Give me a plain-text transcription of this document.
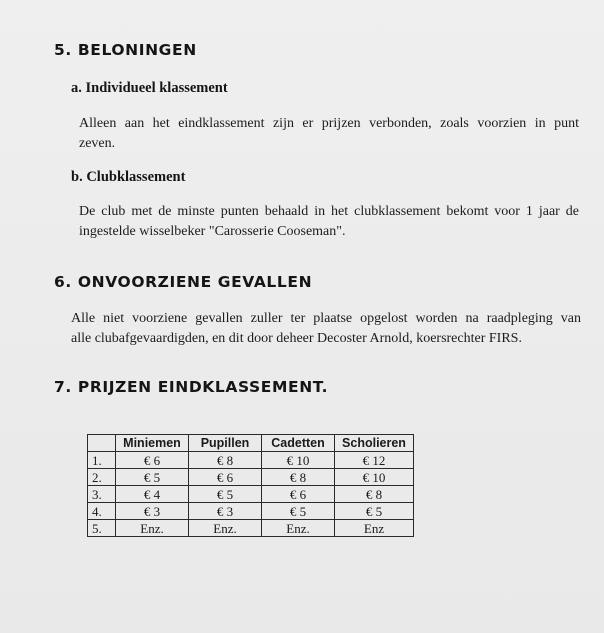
5. BELONINGEN
a. Individueel klassement
Alleen aan het eindklassement zijn er prijzen verbonden, zoals voorzien in punt
zeven.
b. Clubklassement
De club met de minste punten behaald in het clubklassement bekomt voor 1 jaar de
ingestelde wisselbeker "Carosserie Cooseman".
6. ONVOORZIENE GEVALLEN
Alle niet voorziene gevallen zuller ter plaatse opgelost worden na raadpleging van
alle clubafgevaardigden, en dit door deheer Decoster Arnold, koersrechter FIRS.
7. PRIJZEN EINDKLASSEMENT.
	Miniemen	Pupillen	Cadetten	Scholieren
1.	€ 6	€ 8	€ 10	€ 12
2.	€ 5	€ 6	€ 8	€ 10
3.	€ 4	€ 5	€ 6	€ 8
4.	€ 3	€ 3	€ 5	€ 5
5.	Enz.	Enz.	Enz.	Enz
